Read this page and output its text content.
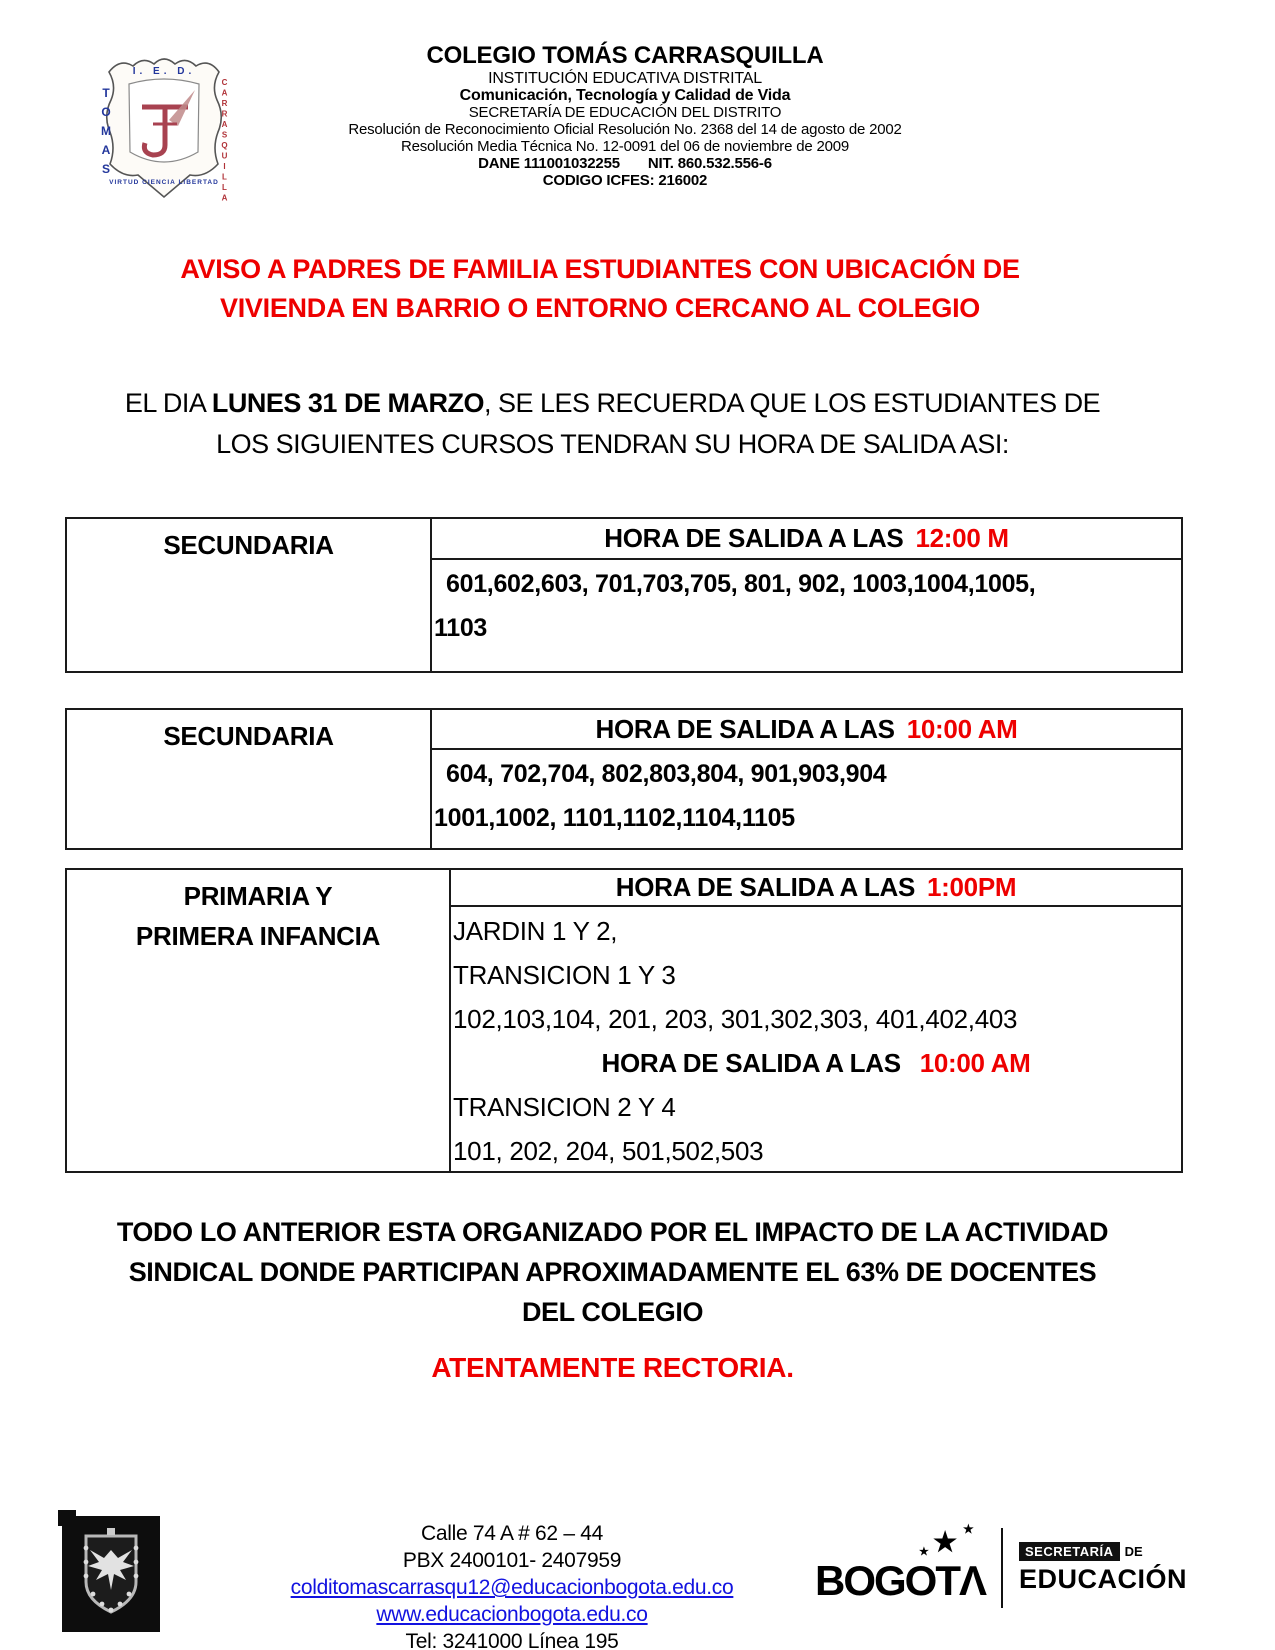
I. E. D.
TOMAS	CARRASQUILLA
VIRTUD CIENCIA LIBERTAD
COLEGIO TOMÁS CARRASQUILLA
INSTITUCIÓN EDUCATIVA DISTRITAL
Comunicación, Tecnología y Calidad de Vida
SECRETARÍA DE EDUCACIÓN DEL DISTRITO
Resolución de Reconocimiento Oficial Resolución No. 2368 del 14 de agosto de 2002
Resolución Media Técnica No. 12-0091 del 06 de noviembre de 2009
DANE 111001032255 NIT. 860.532.556-6
CODIGO ICFES: 216002
AVISO A PADRES DE FAMILIA ESTUDIANTES CON UBICACIÓN DE
VIVIENDA EN BARRIO O ENTORNO CERCANO AL COLEGIO
EL DIA LUNES 31 DE MARZO, SE LES RECUERDA QUE LOS ESTUDIANTES DE
LOS SIGUIENTES CURSOS TENDRAN SU HORA DE SALIDA ASI:
SECUNDARIA	HORA DE SALIDA A LAS 12:00 M
601,602,603, 701,703,705, 801, 902, 1003,1004,1005,
1103
SECUNDARIA	HORA DE SALIDA A LAS 10:00 AM
604, 702,704, 802,803,804, 901,903,904
1001,1002, 1101,1102,1104,1105
PRIMARIA Y
PRIMERA INFANCIA
HORA DE SALIDA A LAS 1:00PM
JARDIN 1 Y 2,
TRANSICION 1 Y 3
102,103,104, 201, 203, 301,302,303, 401,402,403
HORA DE SALIDA A LAS 10:00 AM
TRANSICION 2 Y 4
101, 202, 204, 501,502,503
TODO LO ANTERIOR ESTA ORGANIZADO POR EL IMPACTO DE LA ACTIVIDAD
SINDICAL DONDE PARTICIPAN APROXIMADAMENTE EL 63% DE DOCENTES
DEL COLEGIO
ATENTAMENTE RECTORIA.
Calle 74 A # 62 – 44
PBX 2400101- 2407959
colditomascarrasqu12@educacionbogota.edu.co
www.educacionbogota.edu.co
Tel: 3241000 Línea 195
★ ★ ★
BOGOTΛ
SECRETARÍA DE
EDUCACIÓN
